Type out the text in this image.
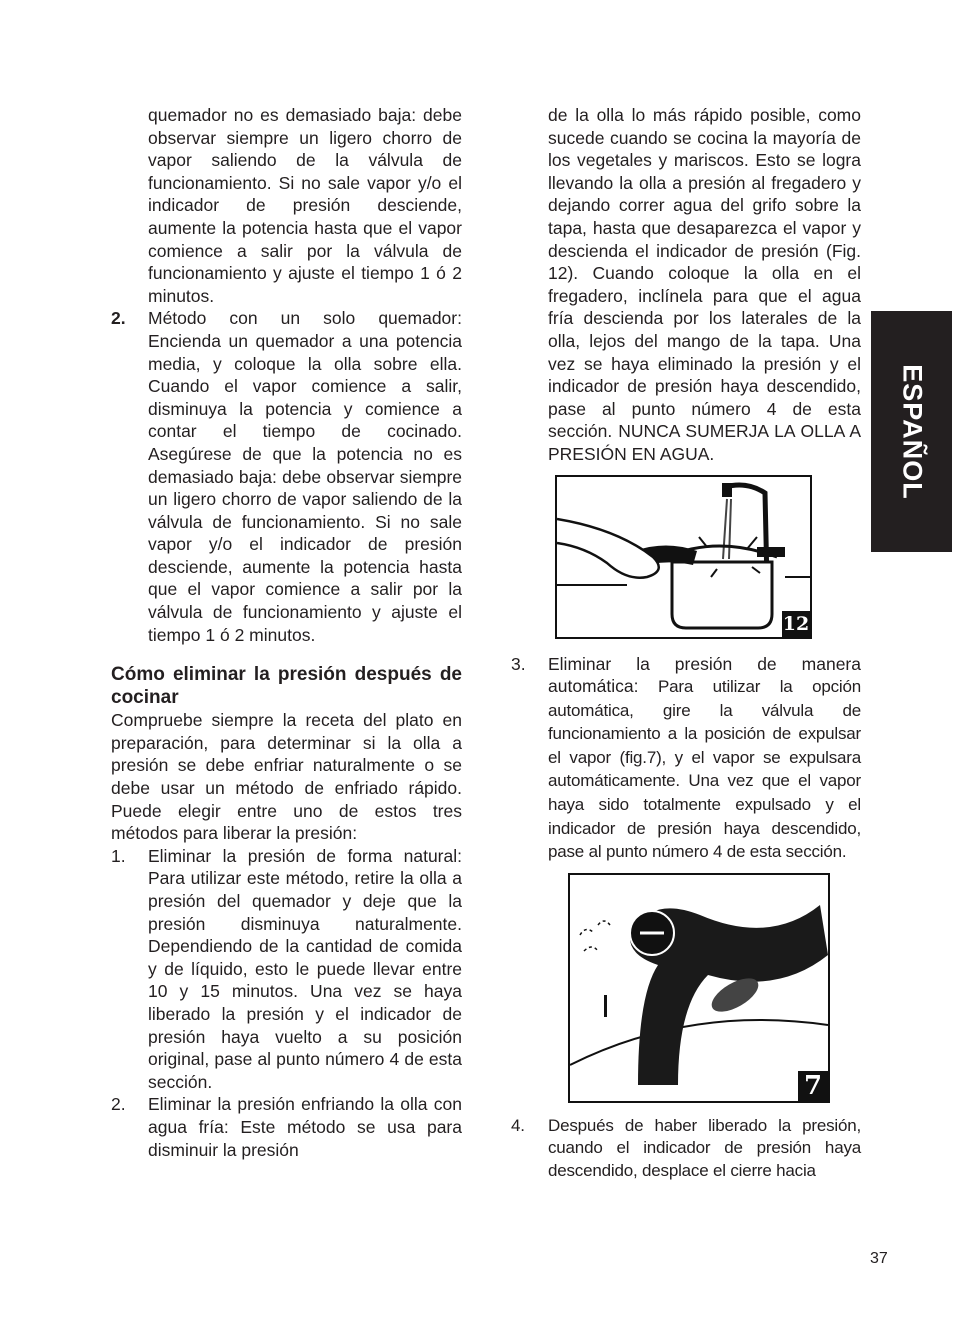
quemador no es demasiado baja: debe observar siempre un ligero chorro de vapor saliendo de la válvula de funcionamiento. Si no sale vapor y/o el indicador de presión desciende, aumente la potencia hasta que el vapor comience a salir por la válvula de funcionamiento y ajuste el tiempo 1 ó 2 minutos.

2. Método con un solo quemador: Encienda un quemador a una potencia media, y coloque la olla sobre ella. Cuando el vapor comience a salir, disminuya la potencia y comience a contar el tiempo de cocinado. Asegúrese de que la potencia no es demasiado baja: debe observar siempre un ligero chorro de vapor saliendo de la válvula de funcionamiento. Si no sale vapor y/o el indicador de presión desciende, aumente la potencia hasta que el vapor comience a salir por la válvula de funcionamiento y ajuste el tiempo 1 ó 2 minutos.

Cómo eliminar la presión después de cocinar

Compruebe siempre la receta del plato en preparación, para determinar si la olla a presión se debe enfriar naturalmente o se debe usar un método de enfriado rápido. Puede elegir entre uno de estos tres métodos para liberar la presión:

1. Eliminar la presión de forma natural: Para utilizar este método, retire la olla a presión del quemador y deje que la presión disminuya naturalmente. Dependiendo de la cantidad de comida y de líquido, esto le puede llevar entre 10 y 15 minutos. Una vez se haya liberado la presión y el indicador de presión haya vuelto a su posición original, pase al punto número 4 de esta sección.

2. Eliminar la presión enfriando la olla con agua fría: Este método se usa para disminuir la presión

de la olla lo más rápido posible, como sucede cuando se cocina la mayoría de los vegetales y mariscos. Esto se logra llevando la olla a presión al fregadero y dejando correr agua del grifo sobre la tapa, hasta que desaparezca el vapor y descienda el indicador de presión (Fig. 12). Cuando coloque la olla en el fregadero, inclínela para que el agua fría descienda por los laterales de la olla, lejos del mango de la tapa. Una vez se haya eliminado la presión y el indicador de presión haya descendido, pase al punto número 4 de esta sección. NUNCA SUMERJA LA OLLA A PRESIÓN EN AGUA.

12

3. Eliminar la presión de manera automática: Para utilizar la opción automática, gire la válvula de funcionamiento a la posición de expulsar el vapor (fig.7), y el vapor se expulsara automáticamente. Una vez que el vapor haya sido totalmente expulsado y el indicador de presión haya descendido, pase al punto número 4 de esta sección.

7

4. Después de haber liberado la presión, cuando el indicador de presión haya descendido, desplace el cierre hacia

ESPAÑOL
37
